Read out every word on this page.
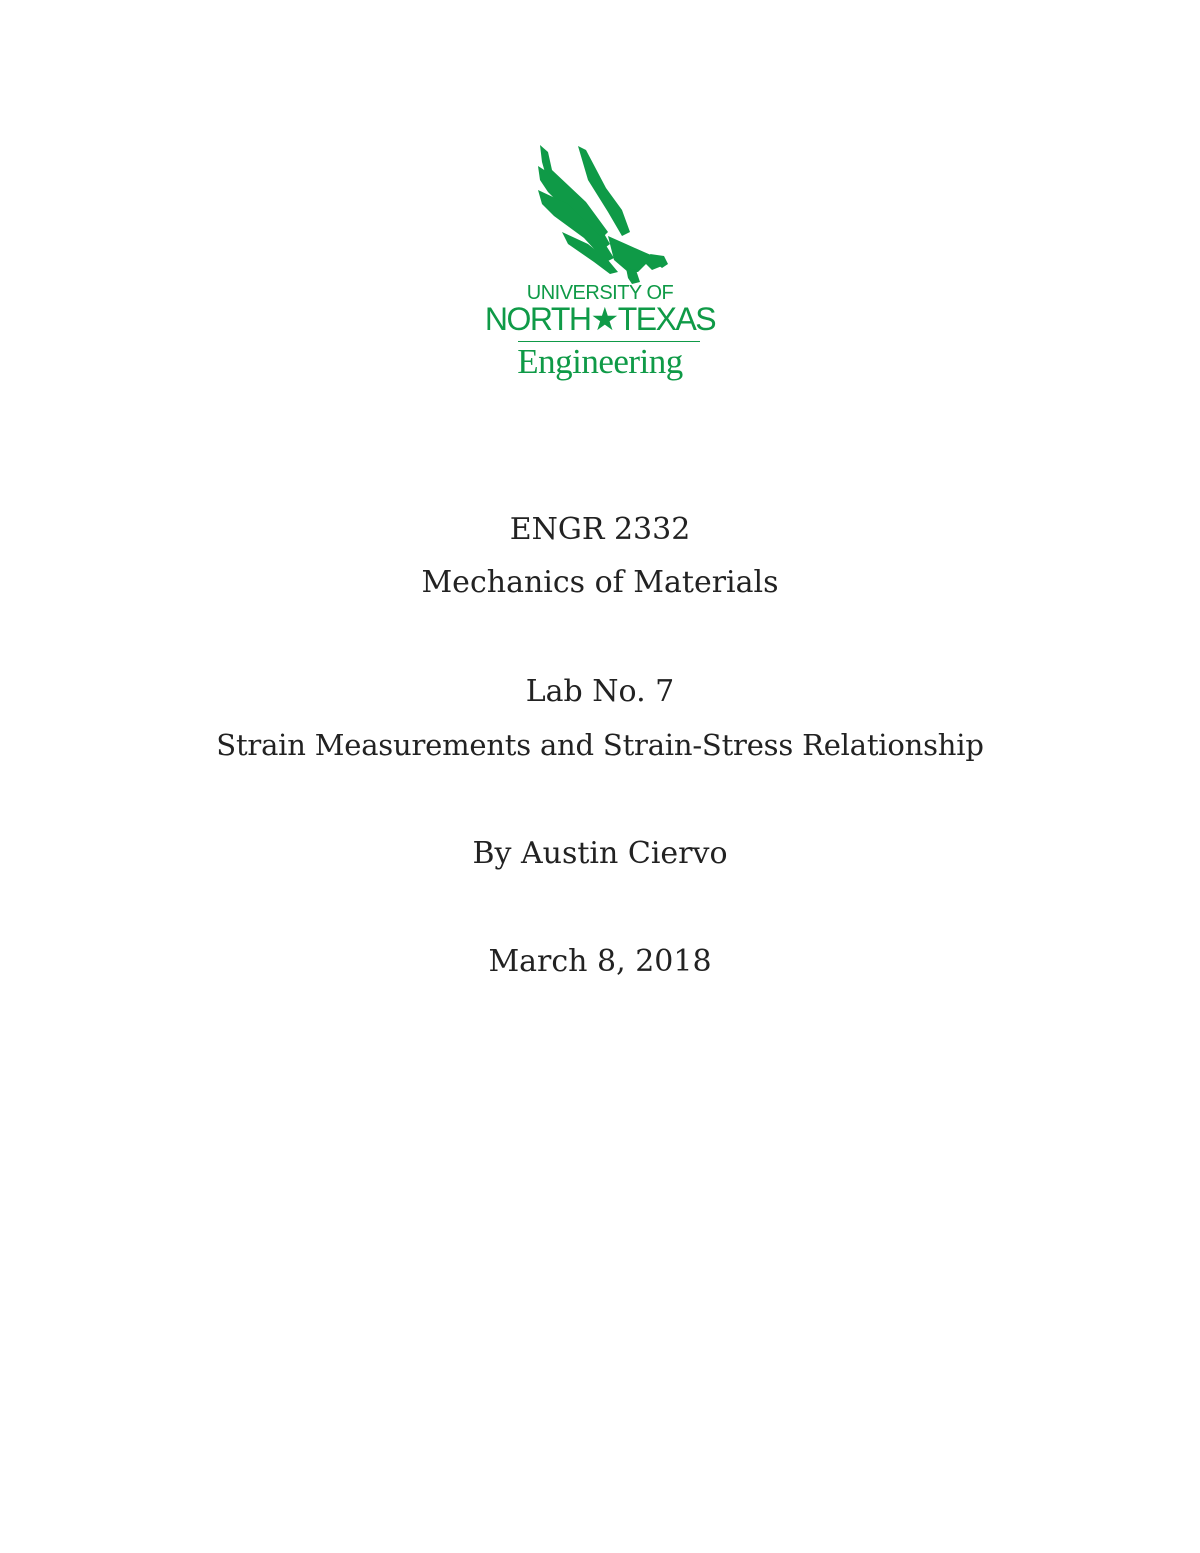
UNIVERSITY OF
NORTH★TEXAS
Engineering
ENGR 2332
Mechanics of Materials
Lab No. 7
Strain Measurements and Strain-Stress Relationship
By Austin Ciervo
March 8, 2018
